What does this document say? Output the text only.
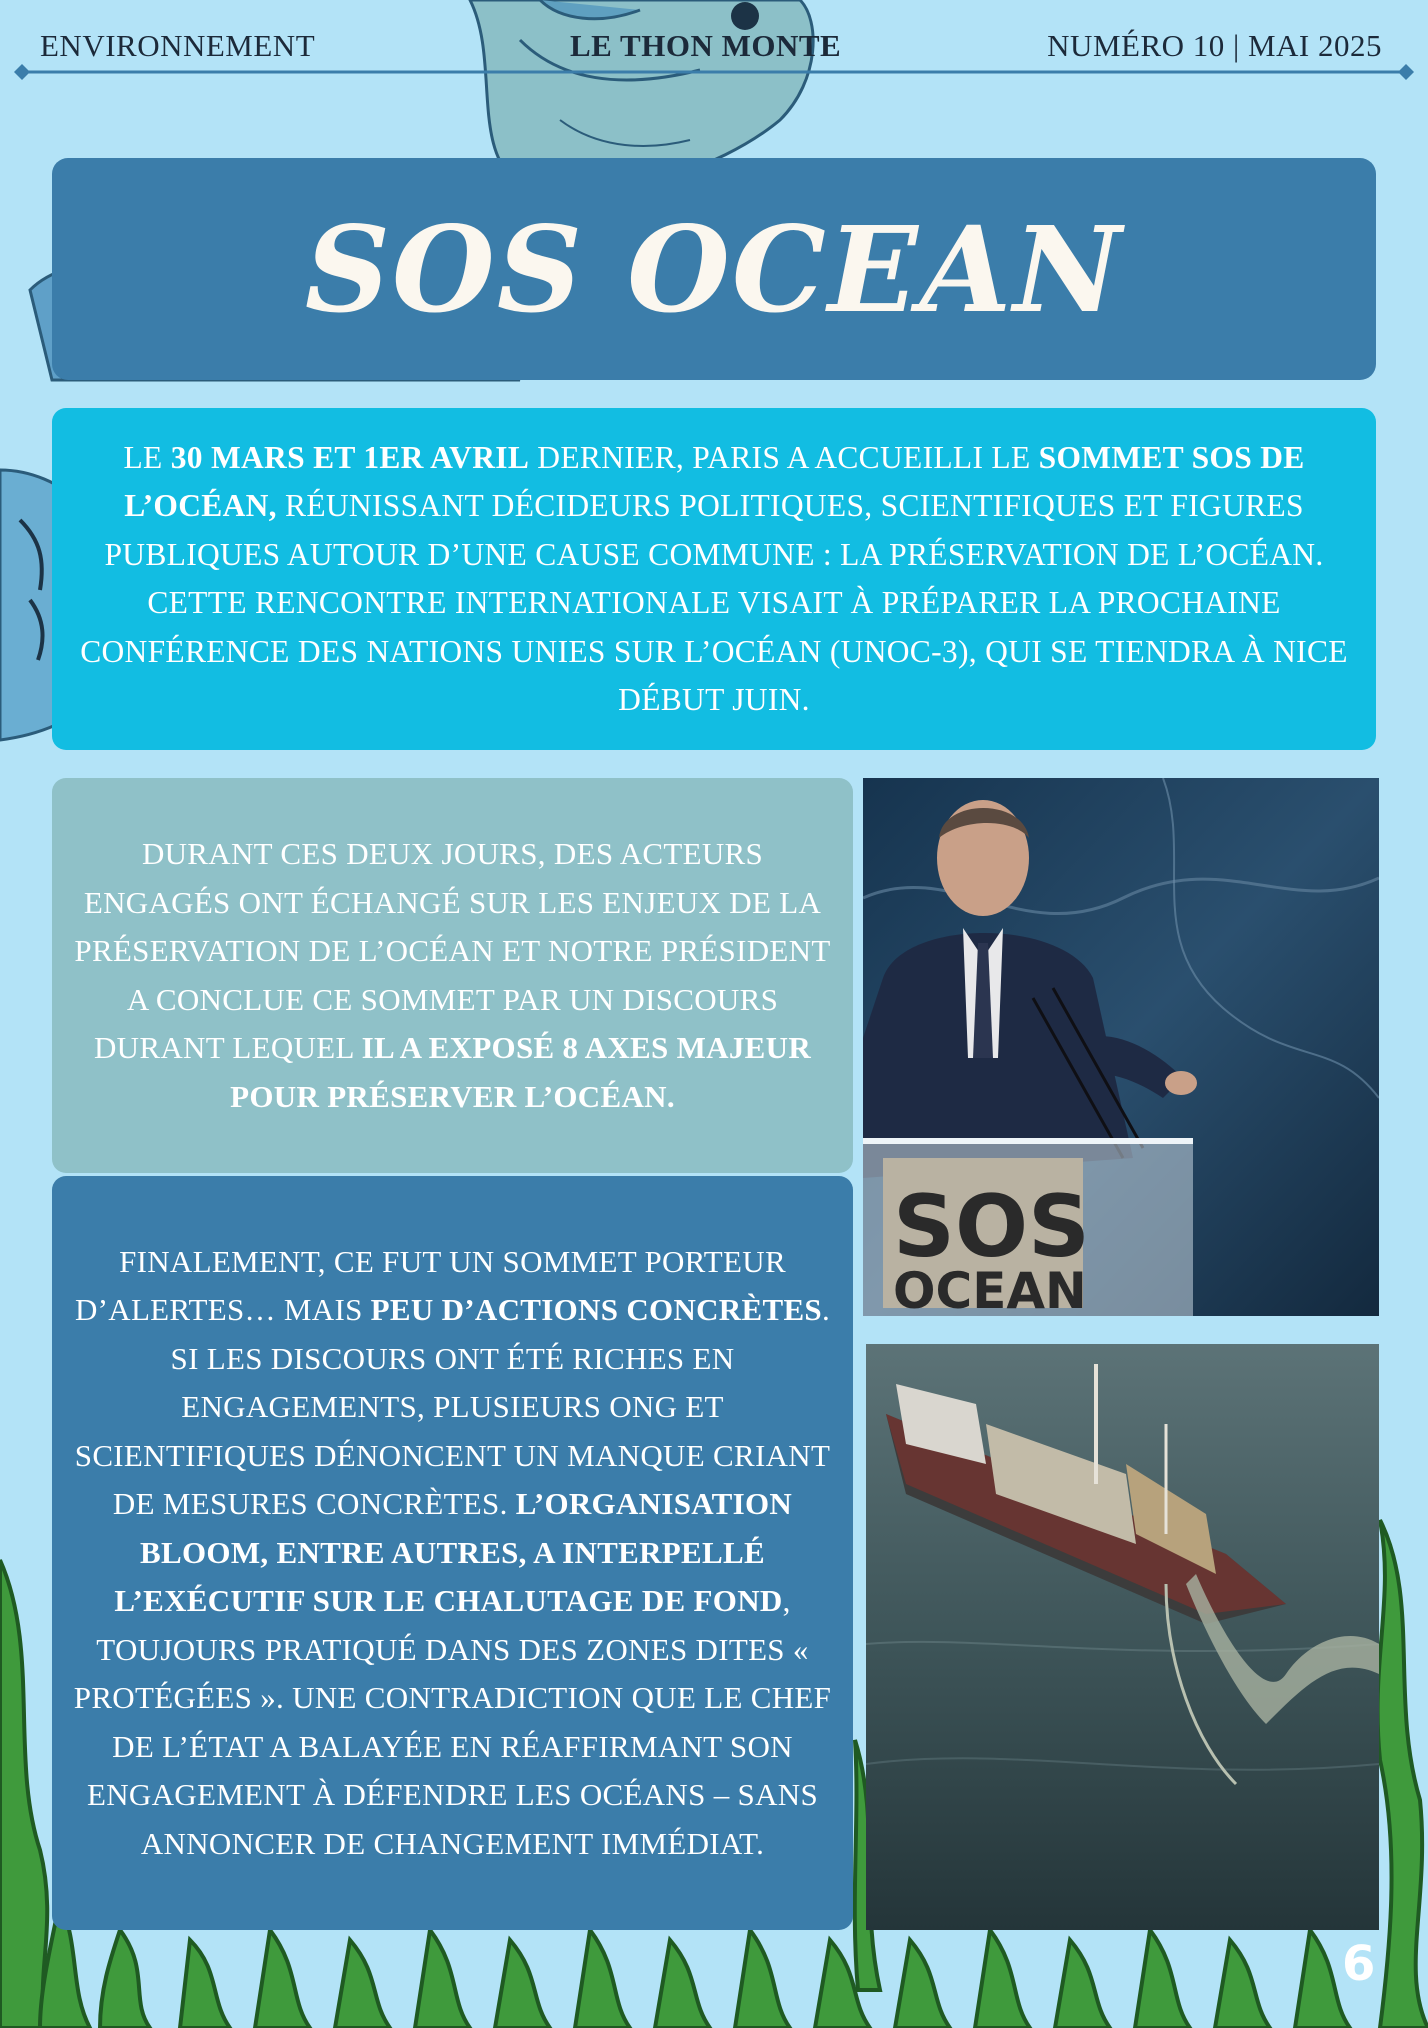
ENVIRONNEMENT	LE THON MONTE	NUMÉRO 10 | MAI 2025
SOS OCEAN

LE 30 MARS ET 1ER AVRIL DERNIER, PARIS A ACCUEILLI LE SOMMET SOS DE L’OCÉAN, RÉUNISSANT DÉCIDEURS POLITIQUES, SCIENTIFIQUES ET FIGURES PUBLIQUES AUTOUR D’UNE CAUSE COMMUNE : LA PRÉSERVATION DE L’OCÉAN. CETTE RENCONTRE INTERNATIONALE VISAIT À PRÉPARER LA PROCHAINE CONFÉRENCE DES NATIONS UNIES SUR L’OCÉAN (UNOC-3), QUI SE TIENDRA À NICE DÉBUT JUIN.

DURANT CES DEUX JOURS, DES ACTEURS ENGAGÉS ONT ÉCHANGÉ SUR LES ENJEUX DE LA PRÉSERVATION DE L’OCÉAN ET NOTRE PRÉSIDENT A CONCLUE CE SOMMET PAR UN DISCOURS DURANT LEQUEL IL A EXPOSÉ 8 AXES MAJEUR POUR PRÉSERVER L’OCÉAN.

FINALEMENT, CE FUT UN SOMMET PORTEUR D’ALERTES… MAIS PEU D’ACTIONS CONCRÈTES. SI LES DISCOURS ONT ÉTÉ RICHES EN ENGAGEMENTS, PLUSIEURS ONG ET SCIENTIFIQUES DÉNONCENT UN MANQUE CRIANT DE MESURES CONCRÈTES. L’ORGANISATION BLOOM, ENTRE AUTRES, A INTERPELLÉ L’EXÉCUTIF SUR LE CHALUTAGE DE FOND, TOUJOURS PRATIQUÉ DANS DES ZONES DITES « PROTÉGÉES ». UNE CONTRADICTION QUE LE CHEF DE L’ÉTAT A BALAYÉE EN RÉAFFIRMANT SON ENGAGEMENT À DÉFENDRE LES OCÉANS – SANS ANNONCER DE CHANGEMENT IMMÉDIAT.

SOS
OCEAN
6
